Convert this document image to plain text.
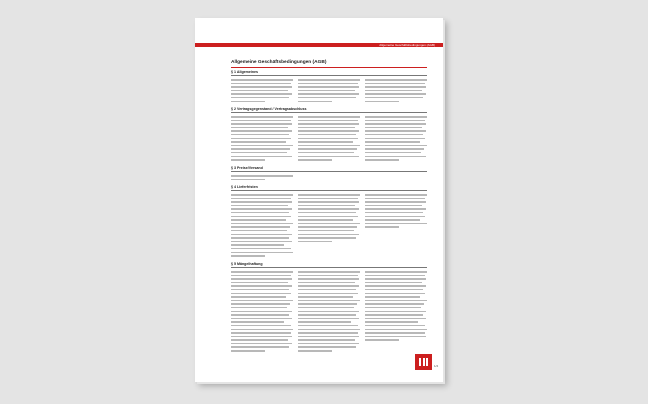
Allgemeine Geschäftsbedingungen (AGB)
Allgemeine Geschäftsbedingungen (AGB)
§ 1 Allgemeines
§ 2 Vertragsgegenstand / Vertragsabschluss
§ 3 Preise/Versand
§ 4 Lieferfristen
§ 5 Mängelhaftung
1/4
